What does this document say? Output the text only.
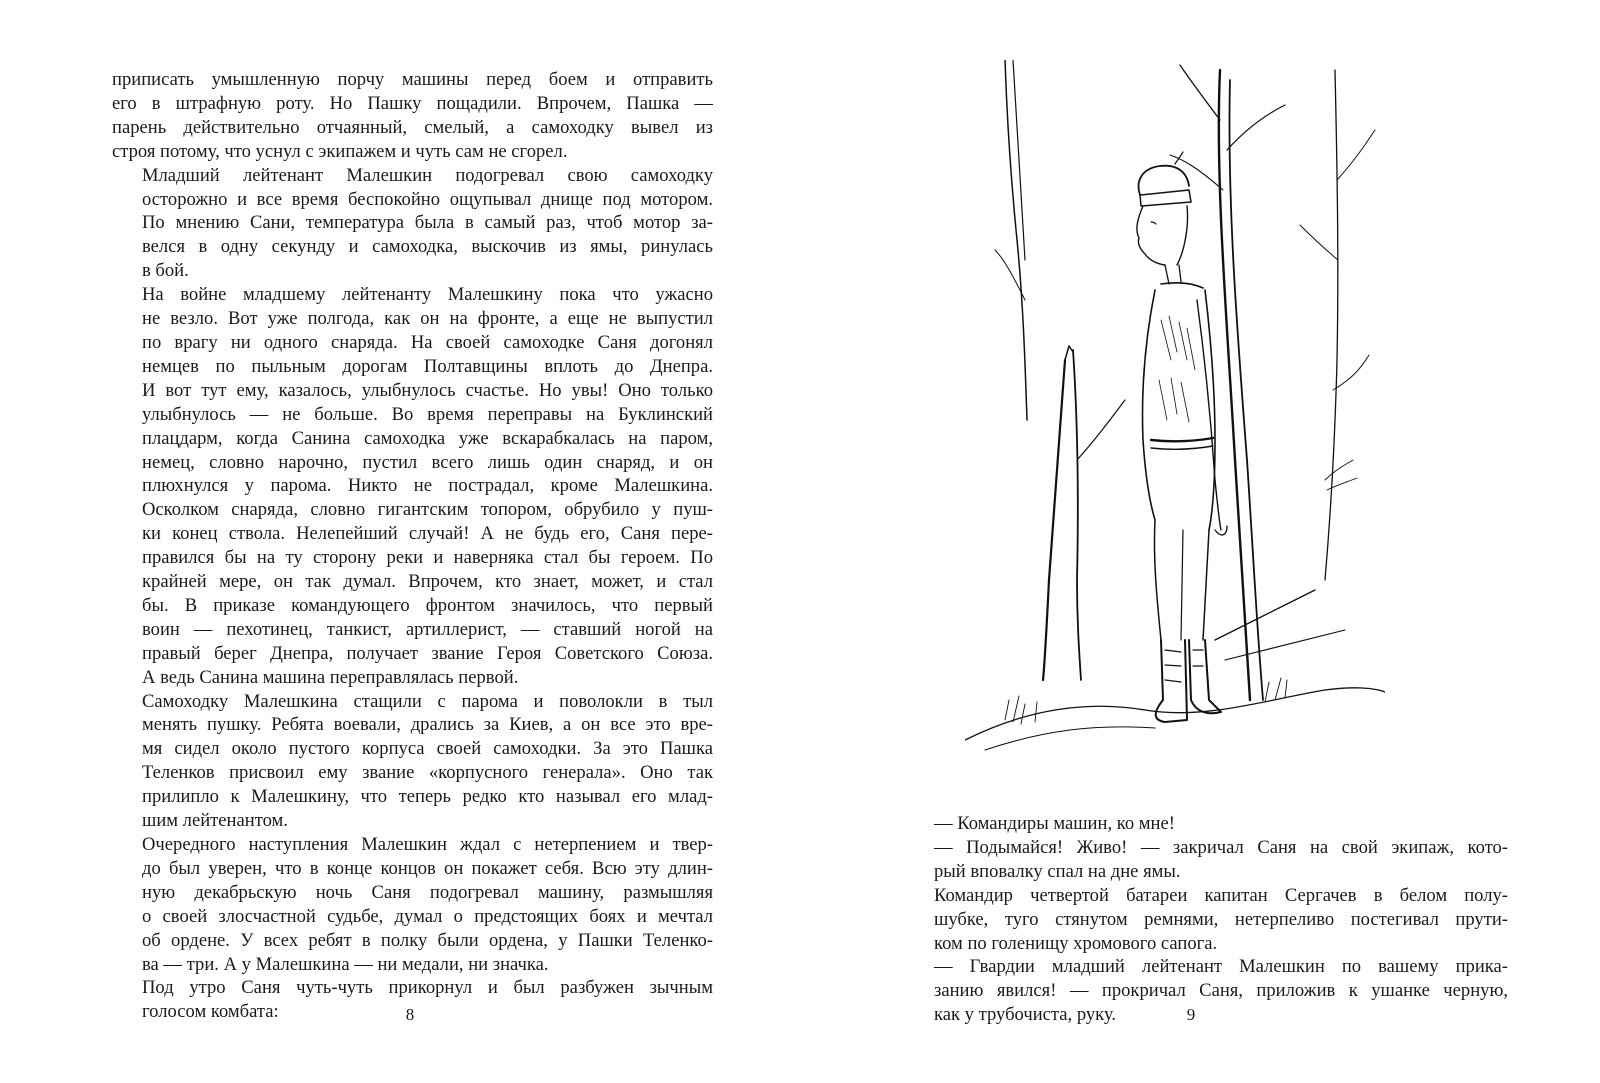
приписать умышленную порчу машины перед боем и отправить
его в штрафную роту. Но Пашку пощадили. Впрочем, Пашка —
парень действительно отчаянный, смелый, а самоходку вывел из
строя потому, что уснул с экипажем и чуть сам не сгорел.

Младший лейтенант Малешкин подогревал свою самоходку
осторожно и все время беспокойно ощупывал днище под мотором.
По мнению Сани, температура была в самый раз, чтоб мотор за-
велся в одну секунду и самоходка, выскочив из ямы, ринулась
в бой.

На войне младшему лейтенанту Малешкину пока что ужасно
не везло. Вот уже полгода, как он на фронте, а еще не выпустил
по врагу ни одного снаряда. На своей самоходке Саня догонял
немцев по пыльным дорогам Полтавщины вплоть до Днепра.
И вот тут ему, казалось, улыбнулось счастье. Но увы! Оно только
улыбнулось — не больше. Во время переправы на Буклинский
плацдарм, когда Санина самоходка уже вскарабкалась на паром,
немец, словно нарочно, пустил всего лишь один снаряд, и он
плюхнулся у парома. Никто не пострадал, кроме Малешкина.
Осколком снаряда, словно гигантским топором, обрубило у пуш-
ки конец ствола. Нелепейший случай! А не будь его, Саня пере-
правился бы на ту сторону реки и наверняка стал бы героем. По
крайней мере, он так думал. Впрочем, кто знает, может, и стал
бы. В приказе командующего фронтом значилось, что первый
воин — пехотинец, танкист, артиллерист, — ставший ногой на
правый берег Днепра, получает звание Героя Советского Союза.
А ведь Санина машина переправлялась первой.

Самоходку Малешкина стащили с парома и поволокли в тыл
менять пушку. Ребята воевали, дрались за Киев, а он все это вре-
мя сидел около пустого корпуса своей самоходки. За это Пашка
Теленков присвоил ему звание «корпусного генерала». Оно так
прилипло к Малешкину, что теперь редко кто называл его млад-
шим лейтенантом.

Очередного наступления Малешкин ждал с нетерпением и твер-
до был уверен, что в конце концов он покажет себя. Всю эту длин-
ную декабрьскую ночь Саня подогревал машину, размышляя
о своей злосчастной судьбе, думал о предстоящих боях и мечтал
об ордене. У всех ребят в полку были ордена, у Пашки Теленко-
ва — три. А у Малешкина — ни медали, ни значка.

Под утро Саня чуть-чуть прикорнул и был разбужен зычным
голосом комбата:	8

— Командиры машин, ко мне!

— Подымайся! Живо! — закричал Саня на свой экипаж, кото-
рый вповалку спал на дне ямы.

Командир четвертой батареи капитан Сергачев в белом полу-
шубке, туго стянутом ремнями, нетерпеливо постегивал прути-
ком по голенищу хромового сапога.

— Гвардии младший лейтенант Малешкин по вашему прика-
занию явился! — прокричал Саня, приложив к ушанке черную,
как у трубочиста, руку.	9
